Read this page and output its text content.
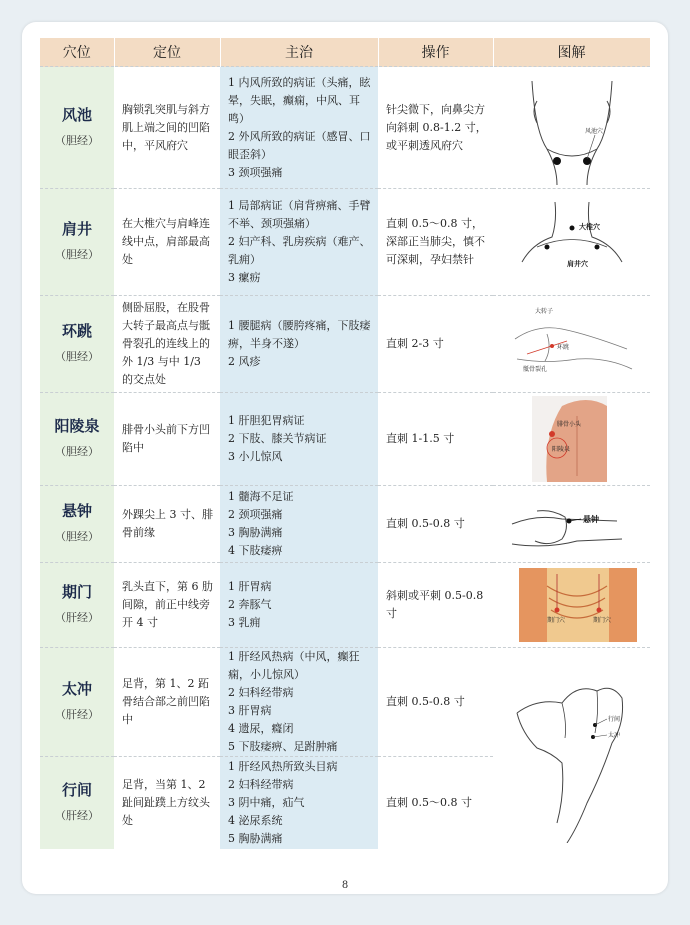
穴位	定位	主治	操作	图解

风池
（胆经）	胸锁乳突肌与斜方肌上端之间的凹陷中，平风府穴	1 内风所致的病证（头痛，眩晕，失眠，癫痫，中风、耳鸣）
2 外风所致的病证（感冒、口眼歪斜）
3 颈项强痛	针尖微下，向鼻尖方向斜刺 0.8-1.2 寸，或平刺透风府穴	风池穴

肩井
（胆经）	在大椎穴与肩峰连线中点，肩部最高处	1 局部病证（肩背痹痛、手臂不举、颈项强痛）
2 妇产科、乳房疾病（难产、乳痈）
3 瘰疬	直刺 0.5～0.8 寸，深部正当肺尖，慎不可深刺，孕妇禁针	大椎穴
肩井穴

环跳
（胆经）	侧卧屈股，在股骨大转子最高点与骶骨裂孔的连线上的外 1/3 与中 1/3 的交点处	1 腰腿病（腰胯疼痛，下肢痿痹，半身不遂）
2 风疹	直刺 2-3 寸	大转子
环跳
骶骨裂孔

阳陵泉
（胆经）	腓骨小头前下方凹陷中	1 肝胆犯胃病证
2 下肢、膝关节病证
3 小儿惊风	直刺 1-1.5 寸	腓骨小头
阳陵泉

悬钟
（胆经）	外踝尖上 3 寸、腓骨前缘	1 髓海不足证
2 颈项强痛
3 胸胁满痛
4 下肢痿痹	直刺 0.5-0.8 寸	悬钟

期门
（肝经）	乳头直下，第 6 肋间隙，前正中线旁开 4 寸	1 肝胃病
2 奔豚气
3 乳痈	斜刺或平刺 0.5-0.8 寸	期门穴 期门穴

太冲
（肝经）	足背，第 1、2 跖骨结合部之前凹陷中	1 肝经风热病（中风，癫狂痫，小儿惊风）
2 妇科经带病
3 肝胃病
4 遗尿，癃闭
5 下肢痿痹、足跗肿痛	直刺 0.5-0.8 寸	行间
太冲

行间
（肝经）	足背，当第 1、2 趾间趾蹼上方纹头处	1 肝经风热所致头目病
2 妇科经带病
3 阴中痛，疝气
4 泌尿系统
5 胸胁满痛	直刺 0.5～0.8 寸	
8
